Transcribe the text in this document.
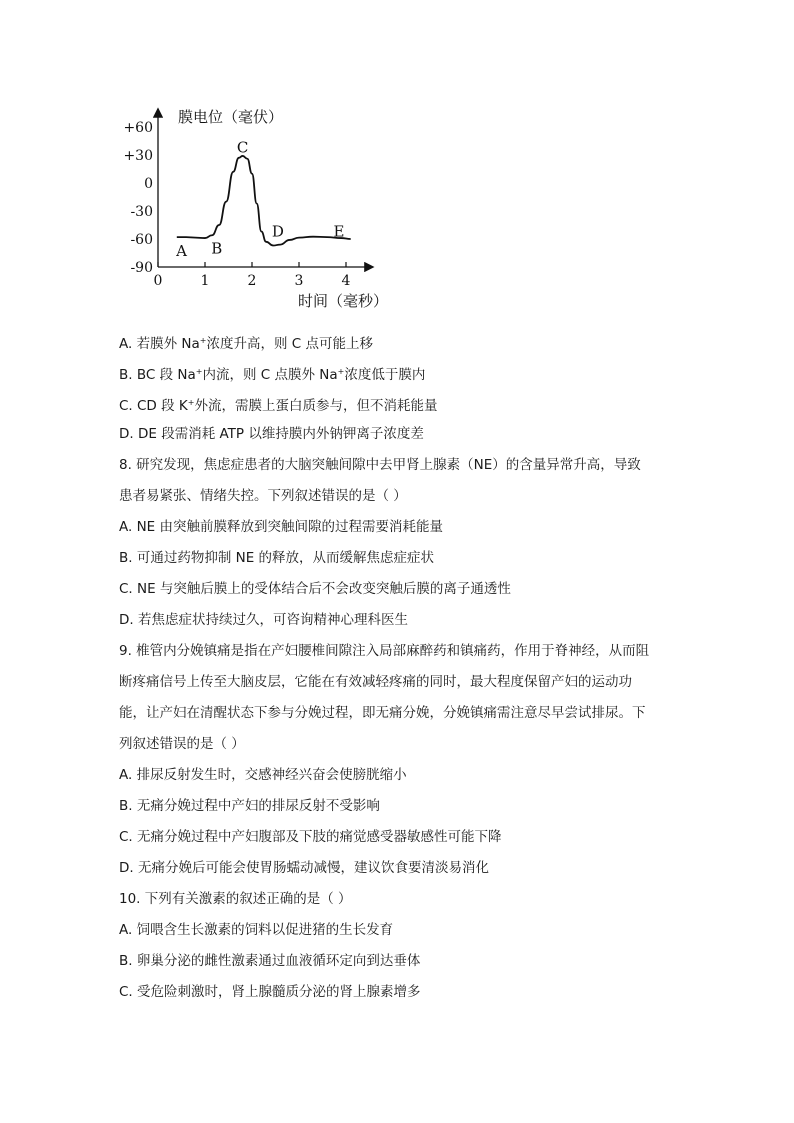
膜电位（毫伏）
时间（毫秒）
+60
+30
0
-30
-60
-90
0	1	2	3	4
A B
C
D	E
A. 若膜外 Na+浓度升高，则 C 点可能上移
B. BC 段 Na+内流，则 C 点膜外 Na+浓度低于膜内
C. CD 段 K+外流，需膜上蛋白质参与，但不消耗能量
D. DE 段需消耗 ATP 以维持膜内外钠钾离子浓度差
8. 研究发现，焦虑症患者的大脑突触间隙中去甲肾上腺素（NE）的含量异常升高，导致
患者易紧张、情绪失控。下列叙述错误的是（ ）
A. NE 由突触前膜释放到突触间隙的过程需要消耗能量
B. 可通过药物抑制 NE 的释放，从而缓解焦虑症症状
C. NE 与突触后膜上的受体结合后不会改变突触后膜的离子通透性
D. 若焦虑症状持续过久，可咨询精神心理科医生
9. 椎管内分娩镇痛是指在产妇腰椎间隙注入局部麻醉药和镇痛药，作用于脊神经，从而阻
断疼痛信号上传至大脑皮层，它能在有效减轻疼痛的同时，最大程度保留产妇的运动功
能，让产妇在清醒状态下参与分娩过程，即无痛分娩，分娩镇痛需注意尽早尝试排尿。下
列叙述错误的是（ ）
A. 排尿反射发生时，交感神经兴奋会使膀胱缩小
B. 无痛分娩过程中产妇的排尿反射不受影响
C. 无痛分娩过程中产妇腹部及下肢的痛觉感受器敏感性可能下降
D. 无痛分娩后可能会使胃肠蠕动减慢，建议饮食要清淡易消化
10. 下列有关激素的叙述正确的是（ ）
A. 饲喂含生长激素的饲料以促进猪的生长发育
B. 卵巢分泌的雌性激素通过血液循环定向到达垂体
C. 受危险刺激时，肾上腺髓质分泌的肾上腺素增多
